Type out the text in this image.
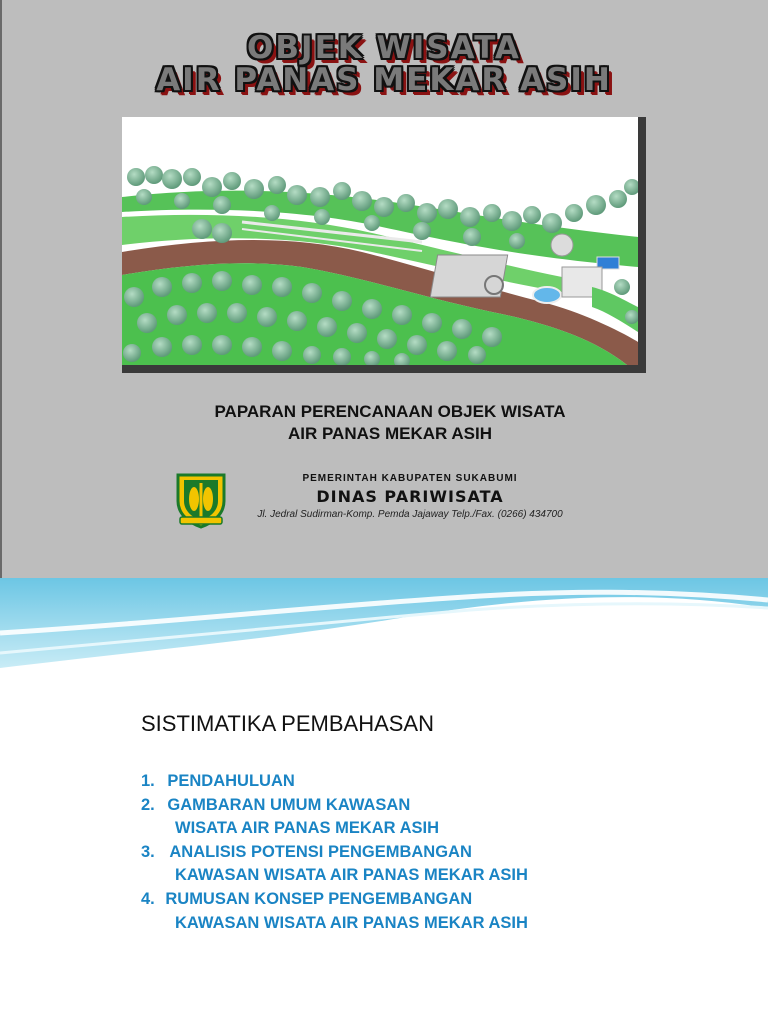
OBJEK WISATA
AIR PANAS MEKAR ASIH
PAPARAN PERENCANAAN OBJEK WISATA
AIR PANAS MEKAR ASIH
PEMERINTAH KABUPATEN SUKABUMI
DINAS PARIWISATA
Jl. Jedral Sudirman-Komp. Pemda Jajaway Telp./Fax. (0266) 434700
SISTIMATIKA PEMBAHASAN
1. PENDAHULUAN
2. GAMBARAN UMUM KAWASAN
WISATA AIR PANAS MEKAR ASIH
3. ANALISIS POTENSI PENGEMBANGAN
KAWASAN WISATA AIR PANAS MEKAR ASIH
4. RUMUSAN KONSEP PENGEMBANGAN
KAWASAN WISATA AIR PANAS MEKAR ASIH
